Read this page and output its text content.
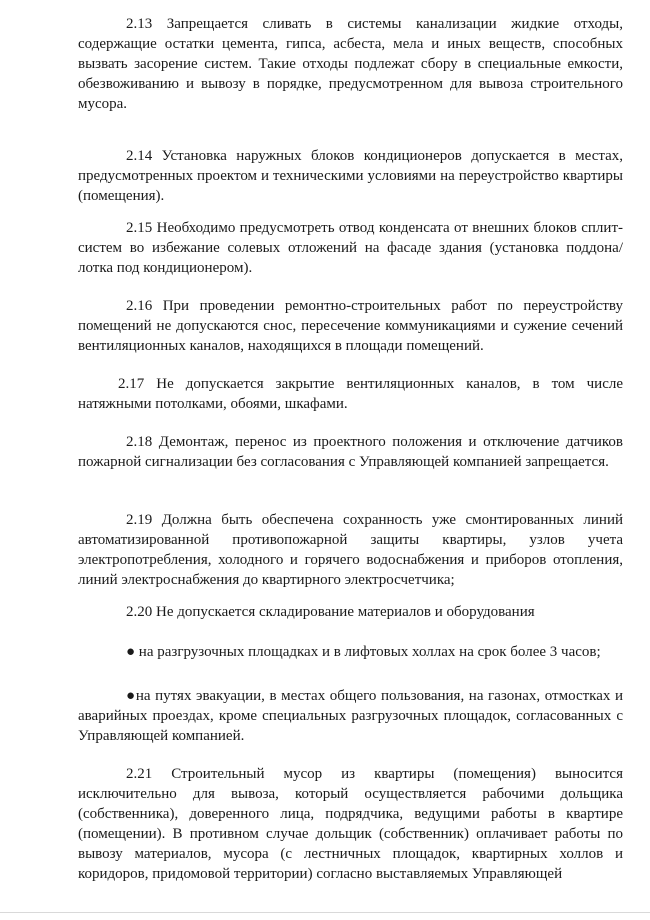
2.13 Запрещается сливать в системы канализации жидкие отходы, содержащие остатки цемента, гипса, асбеста, мела и иных веществ, способных вызвать засорение систем. Такие отходы подлежат сбору в специальные емкости, обезвоживанию и вывозу в порядке, предусмотренном для вывоза строительного мусора.

2.14 Установка наружных блоков кондиционеров допускается в местах, предусмотренных проектом и техническими условиями на переустройство квартиры (помещения).

2.15 Необходимо предусмотреть отвод конденсата от внешних блоков сплит-систем во избежание солевых отложений на фасаде здания (установка поддона/ лотка под кондиционером).

2.16 При проведении ремонтно-строительных работ по переустройству помещений не допускаются снос, пересечение коммуникациями и сужение сечений вентиляционных каналов, находящихся в площади помещений.

2.17 Не допускается закрытие вентиляционных каналов, в том числе натяжными потолками, обоями, шкафами.

2.18 Демонтаж, перенос из проектного положения и отключение датчиков пожарной сигнализации без согласования с Управляющей компанией запрещается.

2.19 Должна быть обеспечена сохранность уже смонтированных линий автоматизированной противопожарной защиты квартиры, узлов учета электропотребления, холодного и горячего водоснабжения и приборов отопления, линий электроснабжения до квартирного электросчетчика;

2.20 Не допускается складирование материалов и оборудования

● на разгрузочных площадках и в лифтовых холлах на срок более 3 часов;

●на путях эвакуации, в местах общего пользования, на газонах, отмостках и аварийных проездах, кроме специальных разгрузочных площадок, согласованных с Управляющей компанией.

2.21 Строительный мусор из квартиры (помещения) выносится исключительно для вывоза, который осуществляется рабочими дольщика (собственника), доверенного лица, подрядчика, ведущими работы в квартире (помещении). В противном случае дольщик (собственник) оплачивает работы по вывозу материалов, мусора (с лестничных площадок, квартирных холлов и коридоров, придомовой территории) согласно выставляемых Управляющей
